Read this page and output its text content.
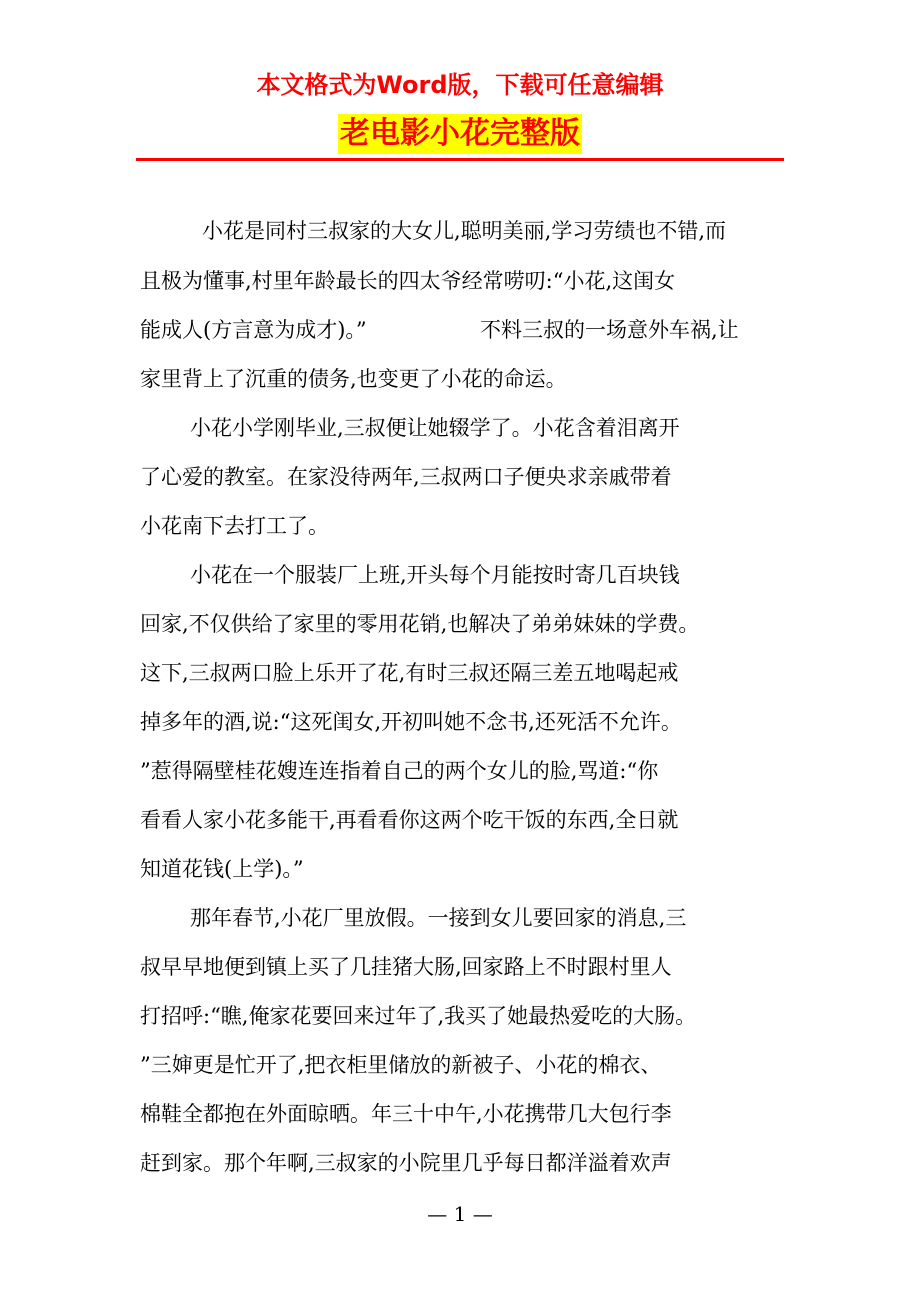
本文格式为Word版，下载可任意编辑

老电影小花完整版

小花是同村三叔家的大女儿,聪明美丽,学习劳绩也不错,而

且极为懂事,村里年龄最长的四太爷经常唠叨:“小花,这闺女

能成人(方言意为成才)。”	不料三叔的一场意外车祸,让

家里背上了沉重的债务,也变更了小花的命运。

小花小学刚毕业,三叔便让她辍学了。小花含着泪离开

了心爱的教室。在家没待两年,三叔两口子便央求亲戚带着

小花南下去打工了。

小花在一个服装厂上班,开头每个月能按时寄几百块钱

回家,不仅供给了家里的零用花销,也解决了弟弟妹妹的学费。

这下,三叔两口脸上乐开了花,有时三叔还隔三差五地喝起戒

掉多年的酒,说:“这死闺女,开初叫她不念书,还死活不允许。

”惹得隔壁桂花嫂连连指着自己的两个女儿的脸,骂道:“你

看看人家小花多能干,再看看你这两个吃干饭的东西,全日就

知道花钱(上学)。”

那年春节,小花厂里放假。一接到女儿要回家的消息,三

叔早早地便到镇上买了几挂猪大肠,回家路上不时跟村里人

打招呼:“瞧,俺家花要回来过年了,我买了她最热爱吃的大肠。

”三婶更是忙开了,把衣柜里储放的新被子、小花的棉衣、

棉鞋全都抱在外面晾晒。年三十中午,小花携带几大包行李

赶到家。那个年啊,三叔家的小院里几乎每日都洋溢着欢声

— 1 —
